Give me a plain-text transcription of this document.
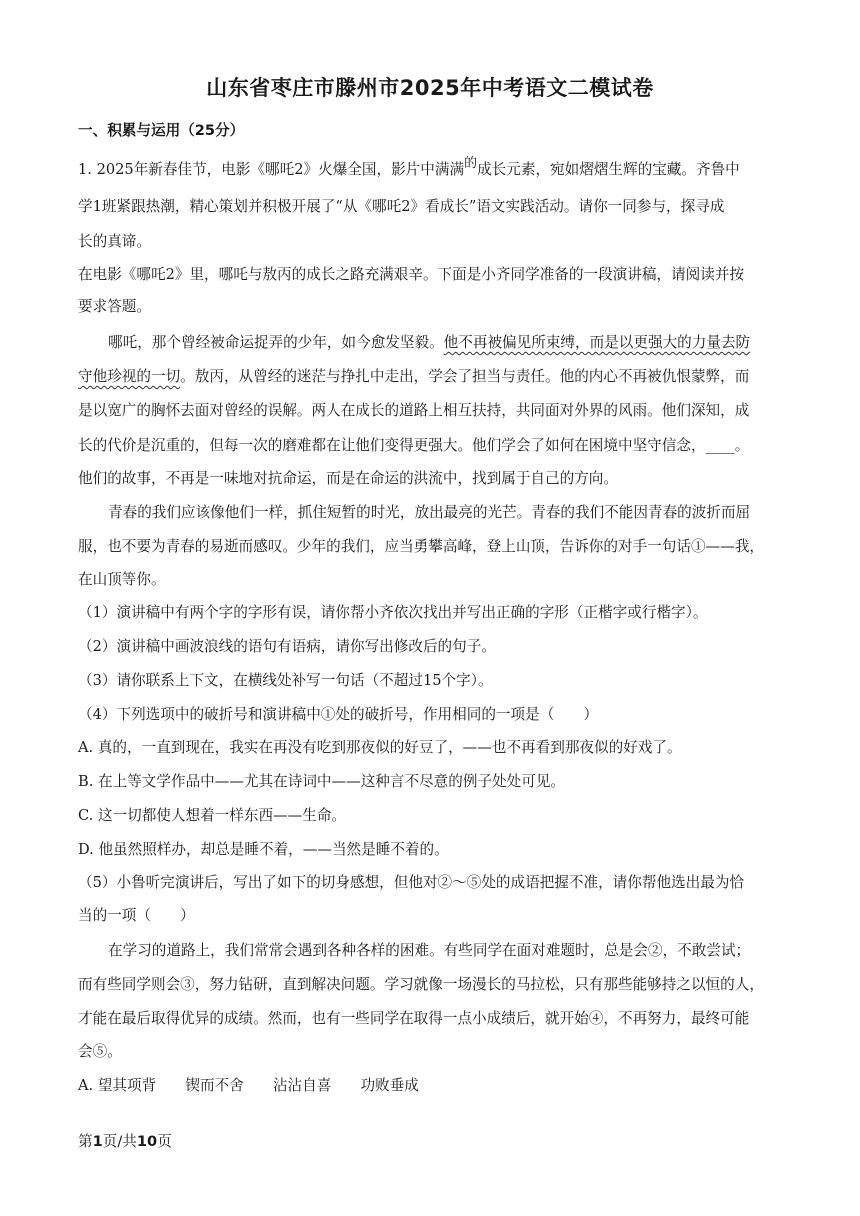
山东省枣庄市滕州市2025年中考语文二模试卷
一、积累与运用（25分）
1. 2025年新春佳节，电影《哪吒2》火爆全国，影片中满满的成长元素，宛如熠熠生辉的宝藏。齐鲁中
学1班紧跟热潮，精心策划并积极开展了“从《哪吒2》看成长”语文实践活动。请你一同参与，探寻成
长的真谛。
在电影《哪吒2》里，哪吒与敖丙的成长之路充满艰辛。下面是小齐同学准备的一段演讲稿，请阅读并按
要求答题。
哪吒，那个曾经被命运捉弄的少年，如今愈发坚毅。他不再被偏见所束缚，而是以更强大的力量去防
守他珍视的一切。敖丙，从曾经的迷茫与挣扎中走出，学会了担当与责任。他的内心不再被仇恨蒙弊，而
是以宽广的胸怀去面对曾经的误解。两人在成长的道路上相互扶持，共同面对外界的风雨。他们深知，成
长的代价是沉重的，但每一次的磨难都在让他们变得更强大。他们学会了如何在困境中坚守信念，____。
他们的故事，不再是一味地对抗命运，而是在命运的洪流中，找到属于自己的方向。
青春的我们应该像他们一样，抓住短暂的时光，放出最亮的光芒。青春的我们不能因青春的波折而屈
服，也不要为青春的易逝而感叹。少年的我们，应当勇攀高峰，登上山顶，告诉你的对手一句话①——我，
在山顶等你。
（1）演讲稿中有两个字的字形有误，请你帮小齐依次找出并写出正确的字形（正楷字或行楷字）。
（2）演讲稿中画波浪线的语句有语病，请你写出修改后的句子。
（3）请你联系上下文，在横线处补写一句话（不超过15个字）。
（4）下列选项中的破折号和演讲稿中①处的破折号，作用相同的一项是（　　）
A. 真的，一直到现在，我实在再没有吃到那夜似的好豆了，——也不再看到那夜似的好戏了。
B. 在上等文学作品中——尤其在诗词中——这种言不尽意的例子处处可见。
C. 这一切都使人想着一样东西——生命。
D. 他虽然照样办，却总是睡不着，——当然是睡不着的。
（5）小鲁听完演讲后，写出了如下的切身感想，但他对②～⑤处的成语把握不准，请你帮他选出最为恰
当的一项（　　）
在学习的道路上，我们常常会遇到各种各样的困难。有些同学在面对难题时，总是会②，不敢尝试；
而有些同学则会③，努力钻研，直到解决问题。学习就像一场漫长的马拉松，只有那些能够持之以恒的人，
才能在最后取得优异的成绩。然而，也有一些同学在取得一点小成绩后，就开始④，不再努力，最终可能
会⑤。
A. 望其项背　　锲而不舍　　沾沾自喜　　功败垂成
第1页/共10页
